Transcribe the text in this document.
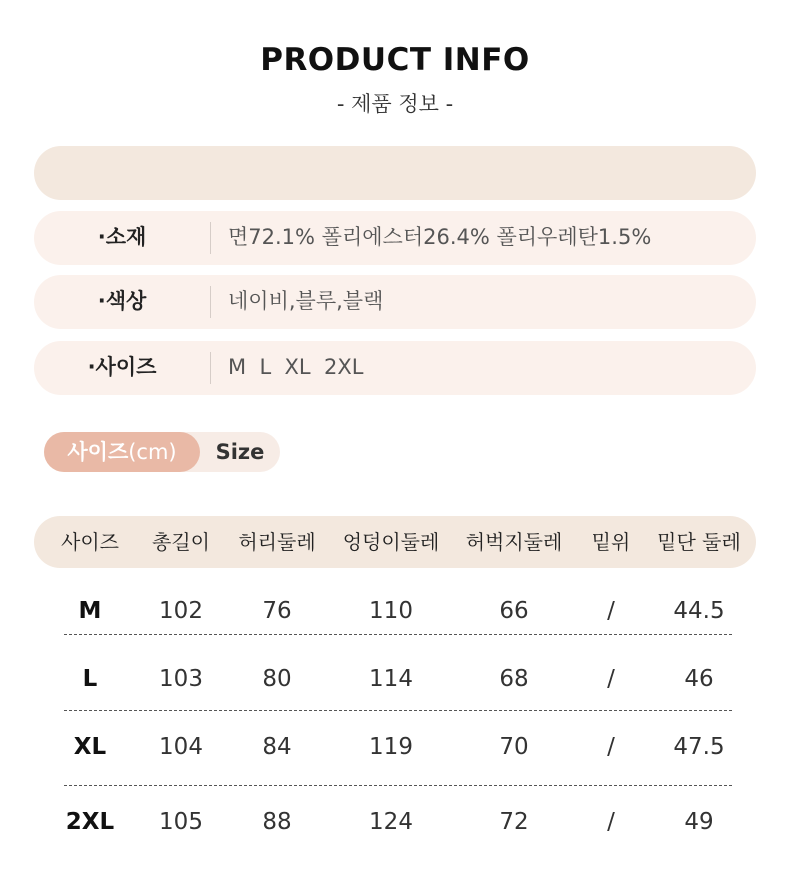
PRODUCT INFO
- 제품 정보 -
·소재	면72.1% 폴리에스터26.4% 폴리우레탄1.5%
·색상	네이비,블루,블랙
·사이즈	M  L  XL  2XL
사이즈(cm)	Size
사이즈 총길이 허리둘레 엉덩이둘레 허벅지둘레 밑위 밑단 둘레
M	102	76	110	66	/	44.5
L	103	80	114	68	/	46
XL 104	84	119	70	/	47.5
2XL 105	88	124	72	/	49
